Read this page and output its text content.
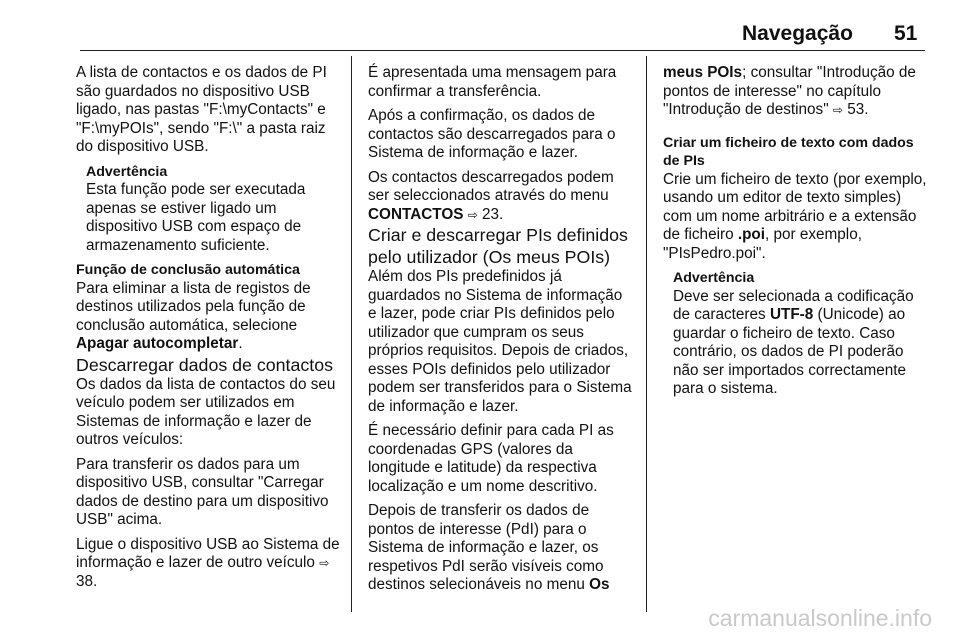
Navegação 51

A lista de contactos e os dados de PI são guardados no dispositivo USB ligado, nas pastas "F:\myContacts" e "F:\myPOIs", sendo "F:\" a pasta raiz do dispositivo USB.

Advertência

Esta função pode ser executada apenas se estiver ligado um dispositivo USB com espaço de armazenamento suficiente.

Função de conclusão automática

Para eliminar a lista de registos de destinos utilizados pela função de conclusão automática, selecione Apagar autocompletar.

Descarregar dados de contactos

Os dados da lista de contactos do seu veículo podem ser utilizados em Sistemas de informação e lazer de outros veículos:

Para transferir os dados para um dispositivo USB, consultar "Carregar dados de destino para um dispositivo USB" acima.

Ligue o dispositivo USB ao Sistema de informação e lazer de outro veículo ⇨ 38.

É apresentada uma mensagem para confirmar a transferência.

Após a confirmação, os dados de contactos são descarregados para o Sistema de informação e lazer.

Os contactos descarregados podem ser seleccionados através do menu CONTACTOS ⇨ 23.

Criar e descarregar PIs definidos pelo utilizador (Os meus POIs)

Além dos PIs predefinidos já guardados no Sistema de informação e lazer, pode criar PIs definidos pelo utilizador que cumpram os seus próprios requisitos. Depois de criados, esses POIs definidos pelo utilizador podem ser transferidos para o Sistema de informação e lazer.

É necessário definir para cada PI as coordenadas GPS (valores da longitude e latitude) da respectiva localização e um nome descritivo.

Depois de transferir os dados de pontos de interesse (PdI) para o Sistema de informação e lazer, os respetivos PdI serão visíveis como destinos selecionáveis no menu Os

meus POIs; consultar "Introdução de pontos de interesse" no capítulo "Introdução de destinos" ⇨ 53.

Criar um ficheiro de texto com dados de PIs

Crie um ficheiro de texto (por exemplo, usando um editor de texto simples) com um nome arbitrário e a extensão de ficheiro .poi, por exemplo, "PIsPedro.poi".

Advertência

Deve ser selecionada a codificação de caracteres UTF-8 (Unicode) ao guardar o ficheiro de texto. Caso contrário, os dados de PI poderão não ser importados correctamente para o sistema.

carmanualsonline.info
